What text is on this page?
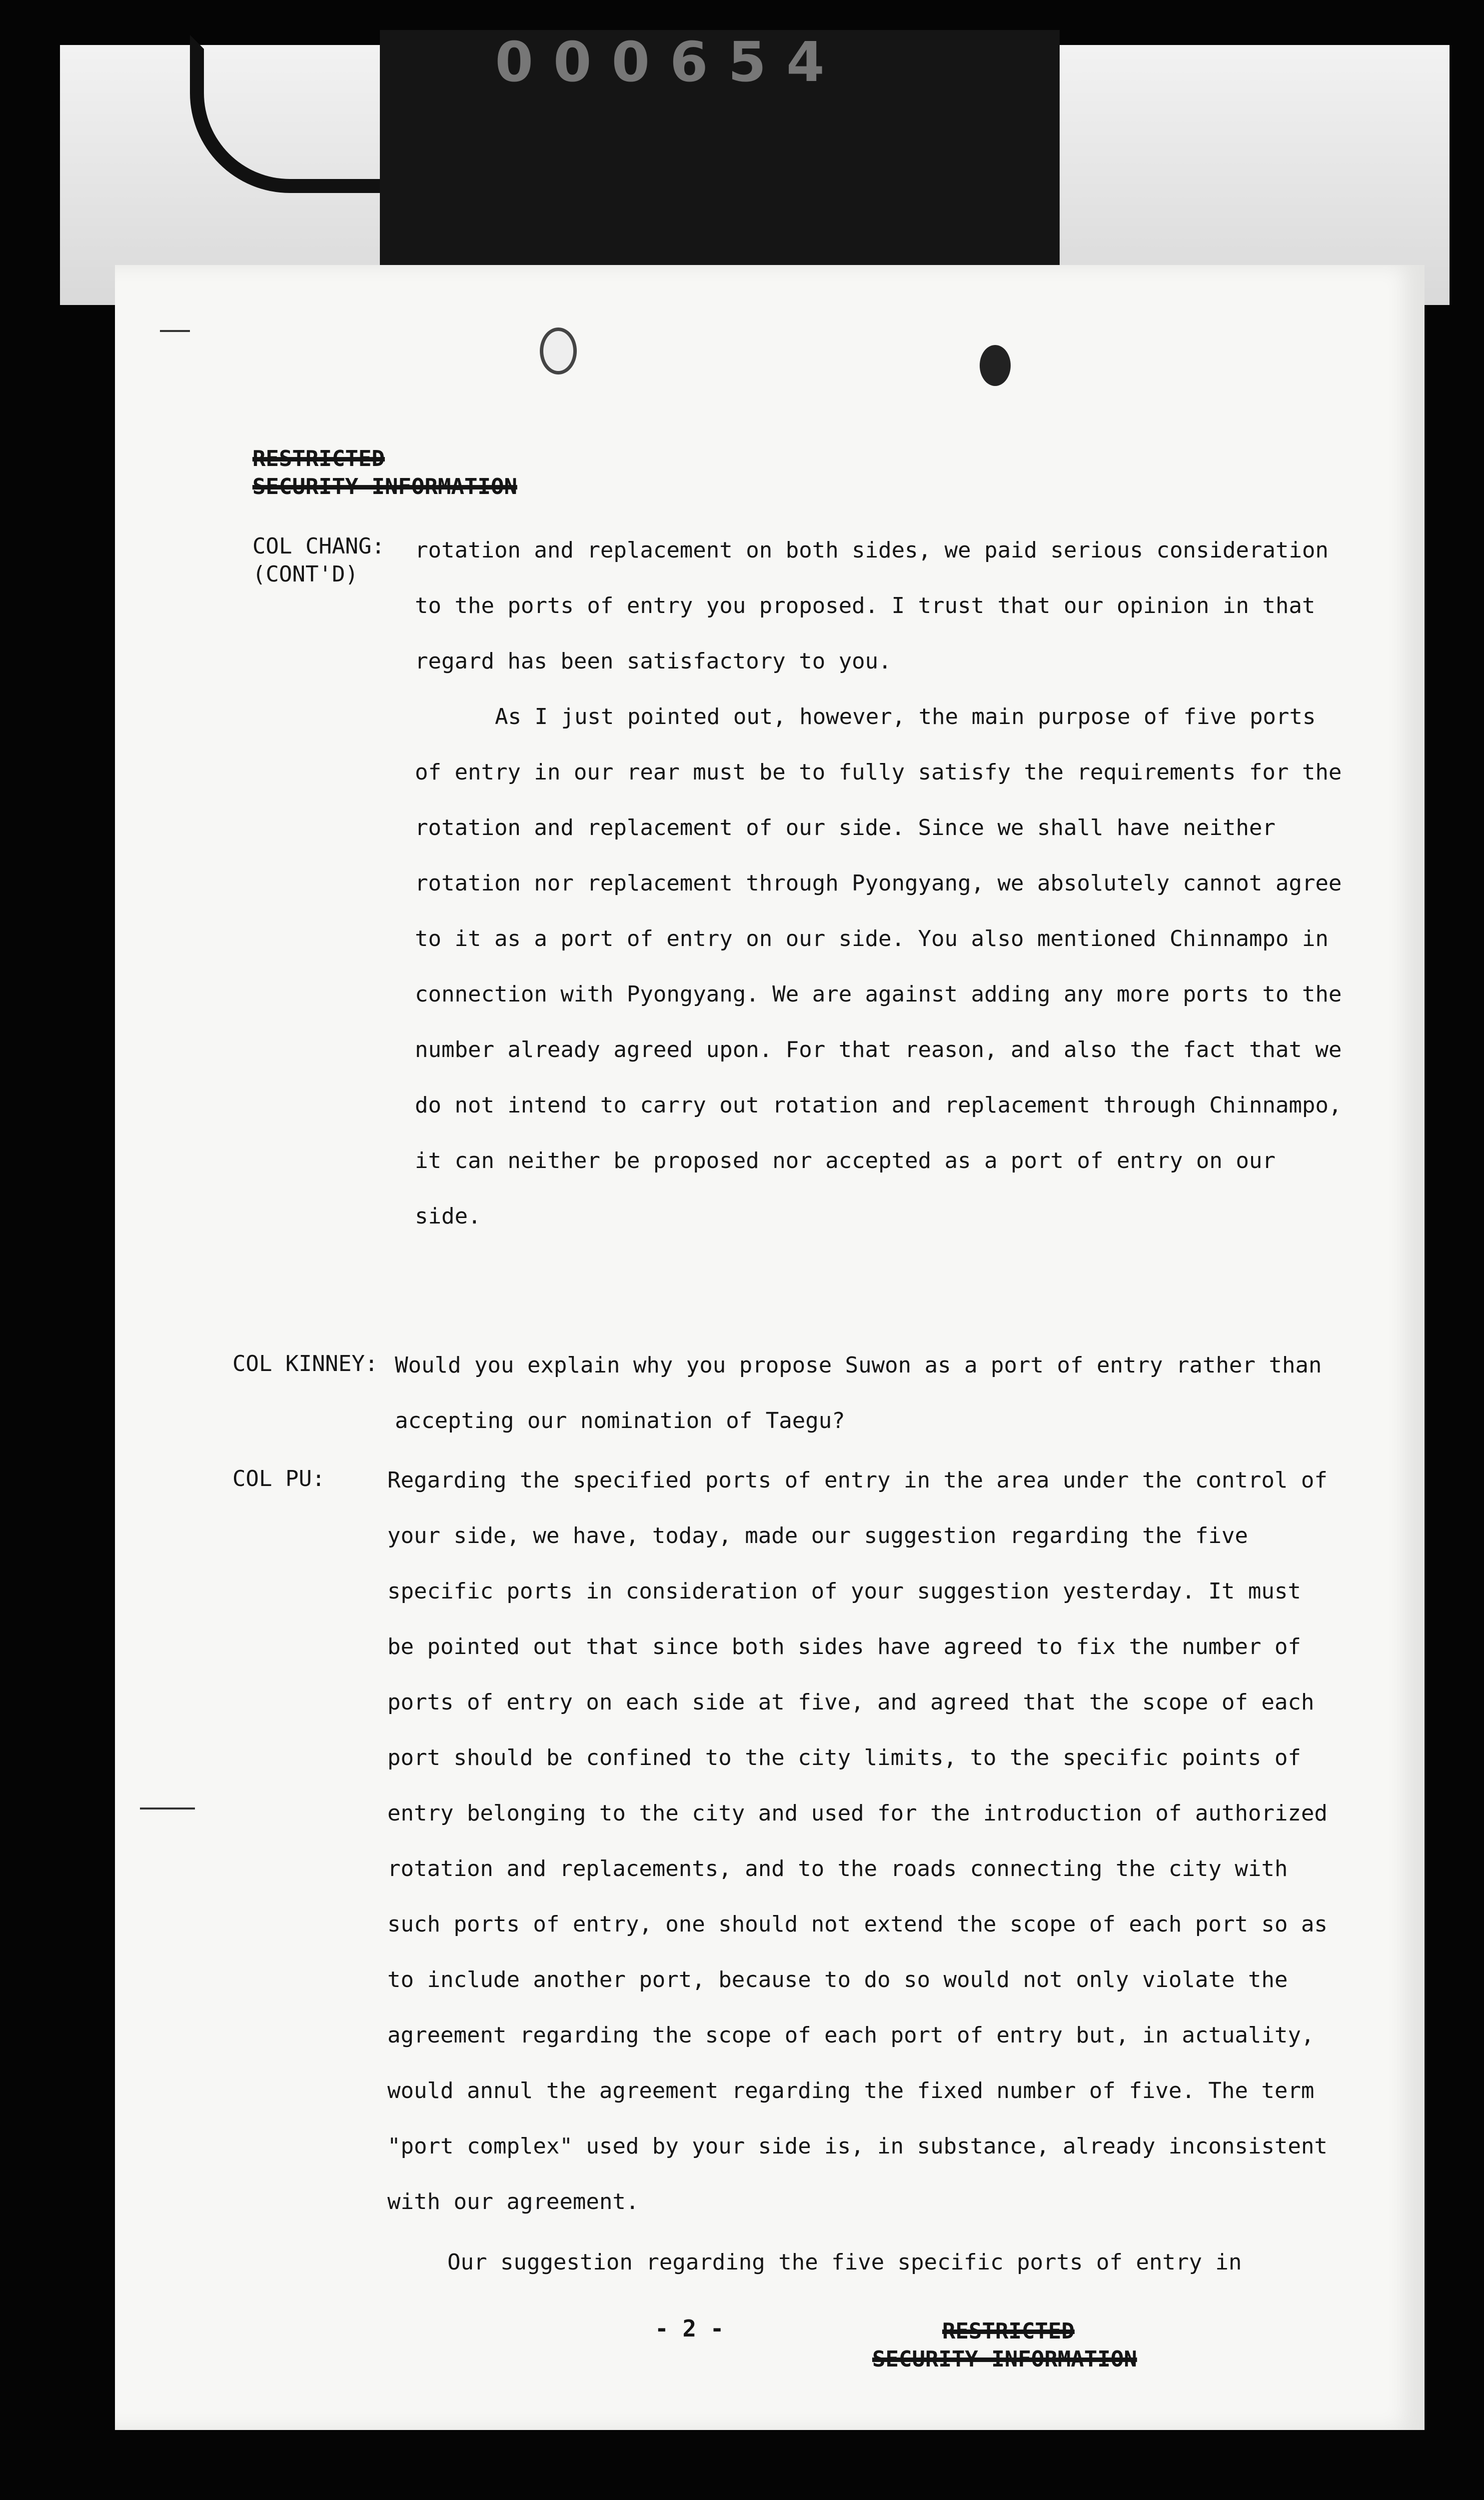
000654
RESTRICTED
SECURITY INFORMATION
COL CHANG:
(CONT'D)

rotation and replacement on both sides, we paid serious consideration to the ports of entry you proposed. I trust that our opinion in that regard has been satisfactory to you.

As I just pointed out, however, the main purpose of five ports of entry in our rear must be to fully satisfy the requirements for the rotation and replacement of our side. Since we shall have neither rotation nor replacement through Pyongyang, we absolutely cannot agree to it as a port of entry on our side. You also mentioned Chinnampo in connection with Pyongyang. We are against adding any more ports to the number already agreed upon. For that reason, and also the fact that we do not intend to carry out rotation and replacement through Chinnampo, it can neither be proposed nor accepted as a port of entry on our side.

COL KINNEY: Would you explain why you propose Suwon as a port of entry rather than accepting our nomination of Taegu?

COL PU:	Regarding the specified ports of entry in the area under the control of your side, we have, today, made our suggestion regarding the five specific ports in consideration of your suggestion yesterday. It must be pointed out that since both sides have agreed to fix the number of ports of entry on each side at five, and agreed that the scope of each port should be confined to the city limits, to the specific points of entry belonging to the city and used for the introduction of authorized rotation and replacements, and to the roads connecting the city with such ports of entry, one should not extend the scope of each port so as to include another port, because to do so would not only violate the agreement regarding the scope of each port of entry but, in actuality, would annul the agreement regarding the fixed number of five. The term "port complex" used by your side is, in substance, already inconsistent with our agreement.

Our suggestion regarding the five specific ports of entry in

- 2 -	RESTRICTED
SECURITY INFORMATION
